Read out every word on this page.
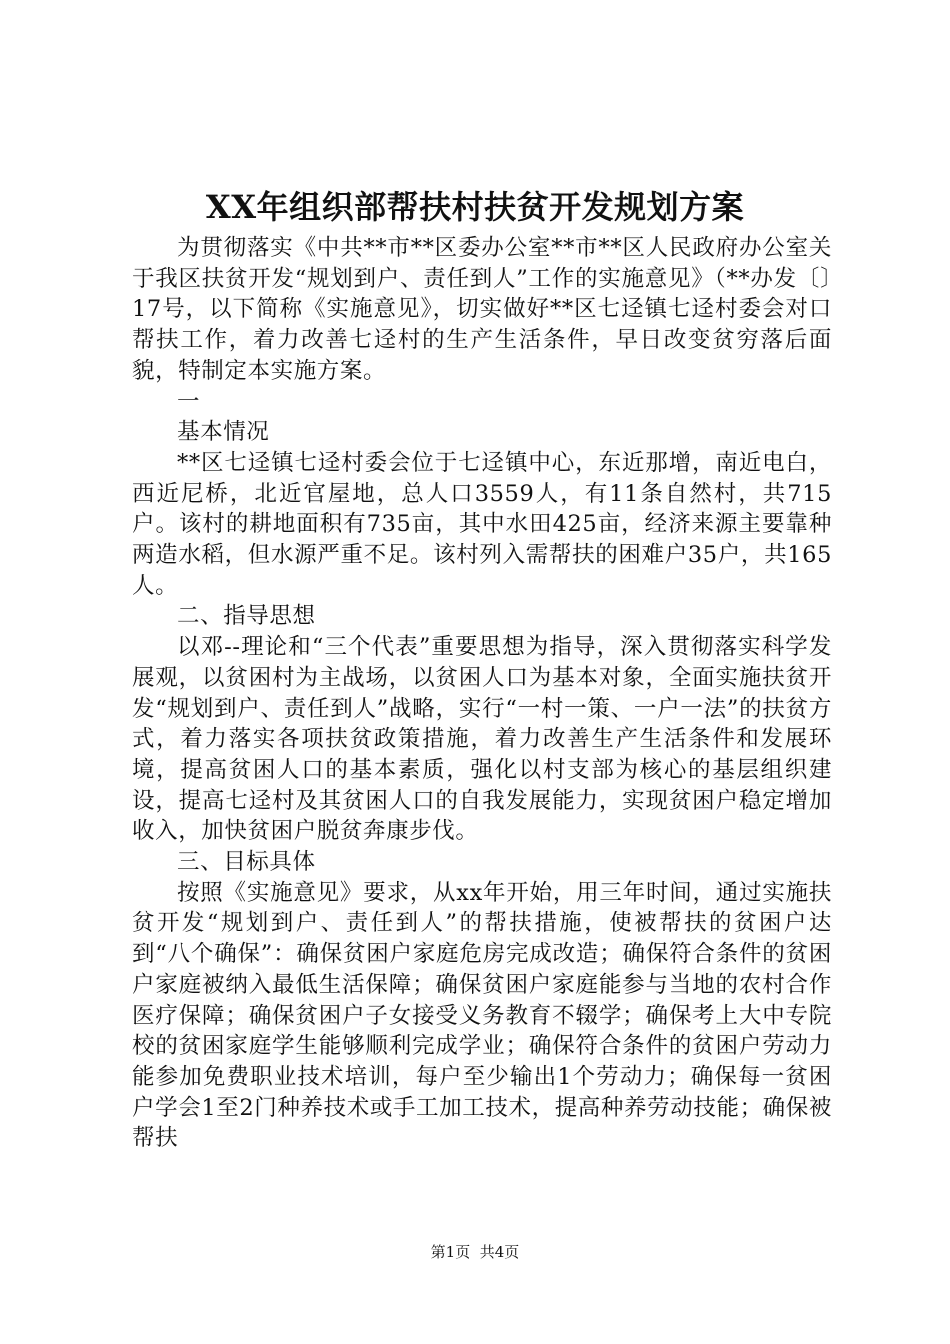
XX年组织部帮扶村扶贫开发规划方案

为贯彻落实《中共**市**区委办公室**市**区人民政府办公室关于我区扶贫开发“规划到户、责任到人”工作的实施意见》（**办发〔〕17号，以下简称《实施意见》，切实做好**区七迳镇七迳村委会对口帮扶工作，着力改善七迳村的生产生活条件，早日改变贫穷落后面貌，特制定本实施方案。

一

基本情况

**区七迳镇七迳村委会位于七迳镇中心，东近那增，南近电白，西近尼桥，北近官屋地，总人口3559人，有11条自然村，共715户。该村的耕地面积有735亩，其中水田425亩，经济来源主要靠种两造水稻，但水源严重不足。该村列入需帮扶的困难户35户，共165人。

二、指导思想

以邓--理论和“三个代表”重要思想为指导，深入贯彻落实科学发展观，以贫困村为主战场，以贫困人口为基本对象，全面实施扶贫开发“规划到户、责任到人”战略，实行“一村一策、一户一法”的扶贫方式，着力落实各项扶贫政策措施，着力改善生产生活条件和发展环境，提高贫困人口的基本素质，强化以村支部为核心的基层组织建设，提高七迳村及其贫困人口的自我发展能力，实现贫困户稳定增加收入，加快贫困户脱贫奔康步伐。

三、目标具体

按照《实施意见》要求，从xx年开始，用三年时间，通过实施扶贫开发“规划到户、责任到人”的帮扶措施，使被帮扶的贫困户达到“八个确保”：确保贫困户家庭危房完成改造；确保符合条件的贫困户家庭被纳入最低生活保障；确保贫困户家庭能参与当地的农村合作医疗保障；确保贫困户子女接受义务教育不辍学；确保考上大中专院校的贫困家庭学生能够顺利完成学业；确保符合条件的贫困户劳动力能参加免费职业技术培训，每户至少输出1个劳动力；确保每一贫困户学会1至2门种养技术或手工加工技术，提高种养劳动技能；确保被帮扶

第1页 共4页
